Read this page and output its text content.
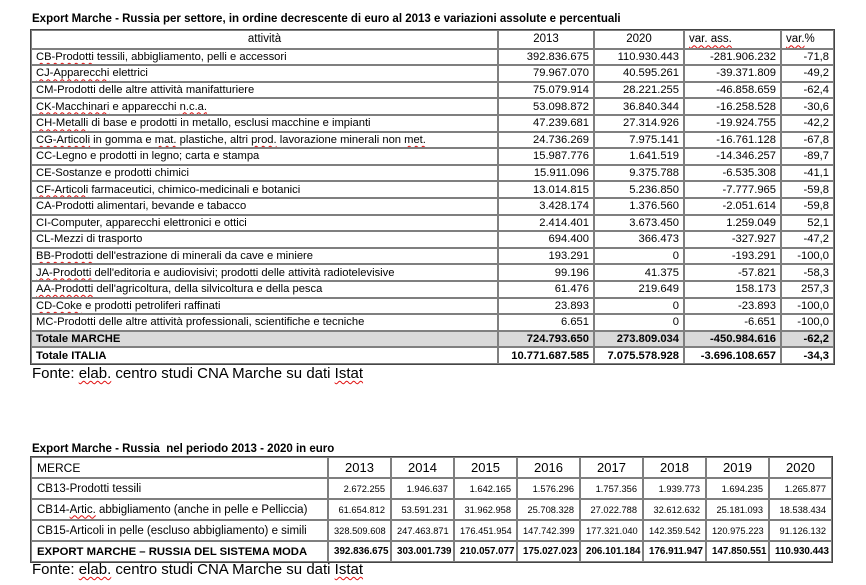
Export Marche - Russia per settore, in ordine decrescente di euro al 2013 e variazioni assolute e percentuali
attività	2013	2020	var. ass.	var.%
CB-Prodotti tessili, abbigliamento, pelli e accessori	392.836.675	110.930.443	-281.906.232	-71,8
CJ-Apparecchi elettrici	79.967.070	40.595.261	-39.371.809	-49,2
CM-Prodotti delle altre attività manifatturiere	75.079.914	28.221.255	-46.858.659	-62,4
CK-Macchinari e apparecchi n.c.a.	53.098.872	36.840.344	-16.258.528	-30,6
CH-Metalli di base e prodotti in metallo, esclusi macchine e impianti	47.239.681	27.314.926	-19.924.755	-42,2
CG-Articoli in gomma e mat. plastiche, altri prod. lavorazione minerali non met.	24.736.269	7.975.141	-16.761.128	-67,8
CC-Legno e prodotti in legno; carta e stampa	15.987.776	1.641.519	-14.346.257	-89,7
CE-Sostanze e prodotti chimici	15.911.096	9.375.788	-6.535.308	-41,1
CF-Articoli farmaceutici, chimico-medicinali e botanici	13.014.815	5.236.850	-7.777.965	-59,8
CA-Prodotti alimentari, bevande e tabacco	3.428.174	1.376.560	-2.051.614	-59,8
CI-Computer, apparecchi elettronici e ottici	2.414.401	3.673.450	1.259.049	52,1
CL-Mezzi di trasporto	694.400	366.473	-327.927	-47,2
BB-Prodotti dell'estrazione di minerali da cave e miniere	193.291	0	-193.291	-100,0
JA-Prodotti dell'editoria e audiovisivi; prodotti delle attività radiotelevisive	99.196	41.375	-57.821	-58,3
AA-Prodotti dell'agricoltura, della silvicoltura e della pesca	61.476	219.649	158.173	257,3
CD-Coke e prodotti petroliferi raffinati	23.893	0	-23.893	-100,0
MC-Prodotti delle altre attività professionali, scientifiche e tecniche	6.651	0	-6.651	-100,0
Totale MARCHE	724.793.650	273.809.034	-450.984.616	-62,2
Totale ITALIA	10.771.687.585	7.075.578.928	-3.696.108.657	-34,3
Fonte: elab. centro studi CNA Marche su dati Istat
Export Marche - Russia  nel periodo 2013 - 2020 in euro
MERCE	2013	2014	2015	2016	2017	2018	2019	2020
CB13-Prodotti tessili	2.672.255	1.946.637	1.642.165	1.576.296	1.757.356	1.939.773	1.694.235	1.265.877
CB14-Artic. abbigliamento (anche in pelle e Pelliccia)	61.654.812	53.591.231	31.962.958	25.708.328	27.022.788	32.612.632	25.181.093	18.538.434
CB15-Articoli in pelle (escluso abbigliamento) e simili	328.509.608	247.463.871	176.451.954	147.742.399	177.321.040	142.359.542	120.975.223	91.126.132
EXPORT MARCHE – RUSSIA DEL SISTEMA MODA	392.836.675	303.001.739	210.057.077	175.027.023	206.101.184	176.911.947	147.850.551	110.930.443
Fonte: elab. centro studi CNA Marche su dati Istat
